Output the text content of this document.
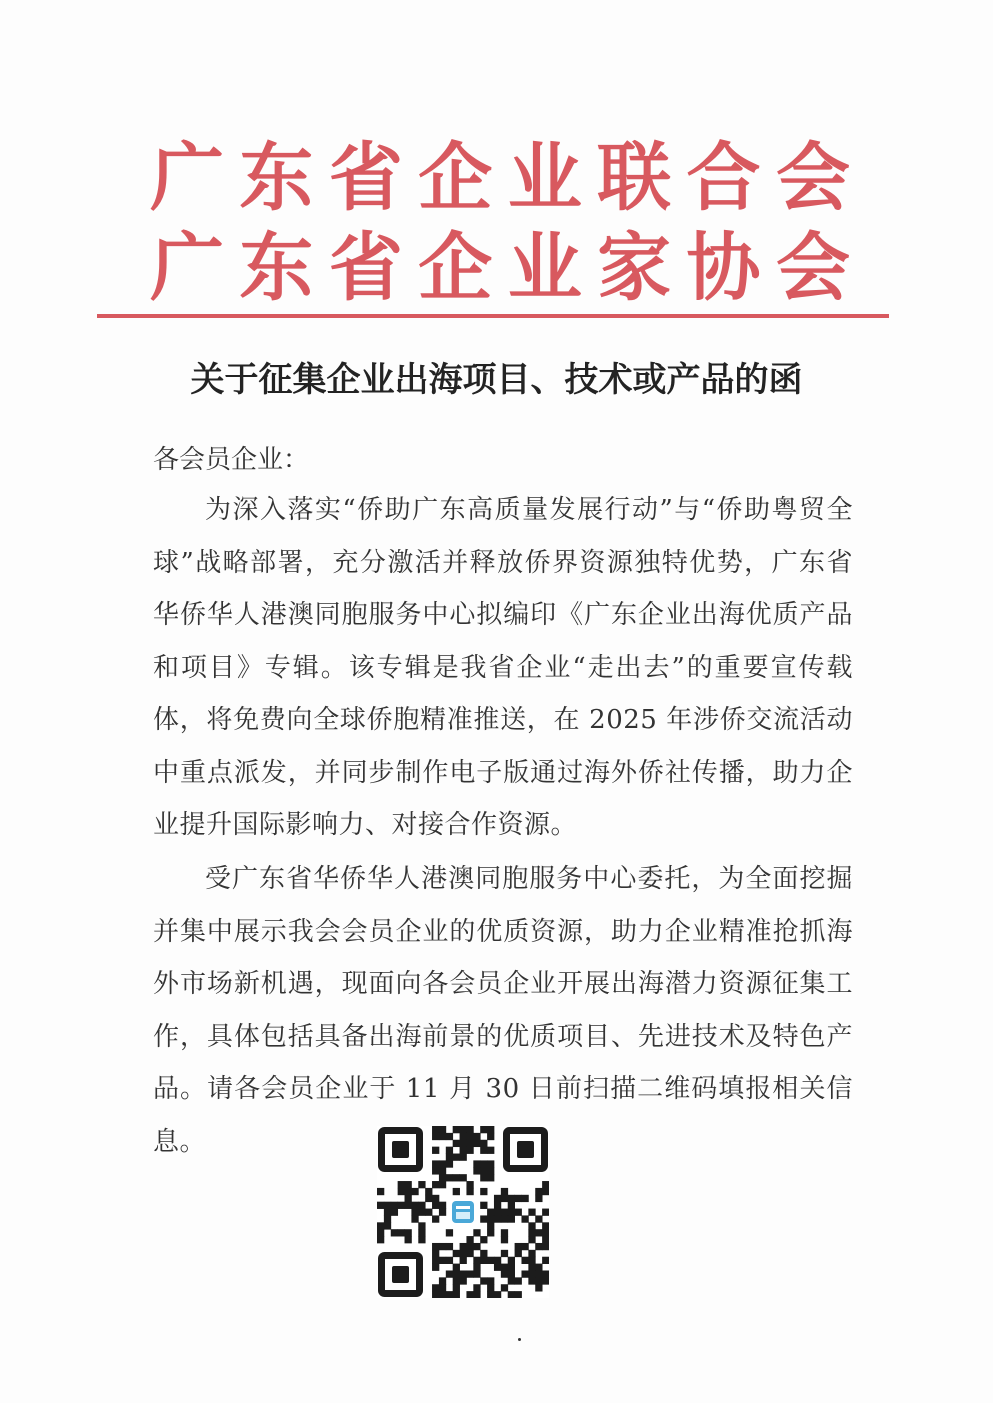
广 东 省 企 业 联 合 会
广 东 省 企 业 家 协 会
关于征集企业出海项目、技术或产品的函
各会员企业：
为深入落实“侨助广东高质量发展行动”与“侨助粤贸全球”战略部署，充分激活并释放侨界资源独特优势，广东省华侨华人港澳同胞服务中心拟编印《广东企业出海优质产品和项目》专辑。该专辑是我省企业“走出去”的重要宣传载体，将免费向全球侨胞精准推送，在 2025 年涉侨交流活动中重点派发，并同步制作电子版通过海外侨社传播，助力企业提升国际影响力、对接合作资源。
受广东省华侨华人港澳同胞服务中心委托，为全面挖掘并集中展示我会会员企业的优质资源，助力企业精准抢抓海外市场新机遇，现面向各会员企业开展出海潜力资源征集工作，具体包括具备出海前景的优质项目、先进技术及特色产品。请各会员企业于 11 月 30 日前扫描二维码填报相关信息。
